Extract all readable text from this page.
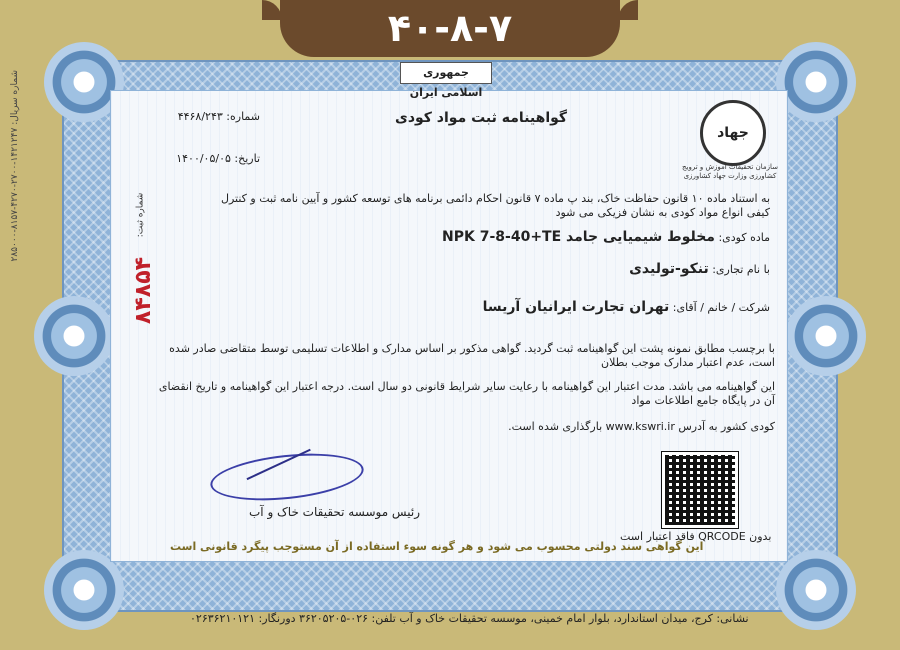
۴۰-۸-۷
شماره سریال: ۱۴۲۱۲۴۷-۲۷۰۰-۴۲۷۰-۸۱۵۷-۲۸۵۰۰۰	جمهوری اسلامی ایران
گواهینامه ثبت مواد کودی
جهاد
سازمان تحقیقات آموزش و ترویج کشاورزی وزارت جهاد کشاورزی
شماره: ۴۴۶۸/۲۴۳
تاریخ: ۱۴۰۰/۰۵/۰۵
به استناد ماده ۱۰ قانون حفاظت خاک، بند پ ماده ۷ قانون احکام دائمی برنامه های توسعه کشور و آیین نامه ثبت و کنترل کیفی انواع مواد کودی به نشان فزیکی می شود
ماده کودی: مخلوط شیمیایی جامد NPK 7-8-40+TE
با نام تجاری: تنکو-تولیدی
شرکت / خانم / آقای: تهران تجارت ایرانیان آریسا
با برچسب مطابق نمونه پشت این گواهینامه ثبت گردید. گواهی مذکور بر اساس مدارک و اطلاعات تسلیمی توسط متقاضی صادر شده است، عدم اعتبار مدارک موجب بطلان
این گواهینامه می باشد. مدت اعتبار این گواهینامه با رعایت سایر شرایط قانونی دو سال است. درجه اعتبار این گواهینامه و تاریخ انقضای آن در پایگاه جامع اطلاعات مواد
کودی کشور به آدرس www.kswri.ir بارگذاری شده است.
شماره ثبت:
۸۴۸۵۴
رئیس موسسه تحقیقات خاک و آب
بدون QRCODE فاقد اعتبار است
این گواهی سند دولتی محسوب می شود و هر گونه سوء استفاده از آن مستوجب پیگرد قانونی است
نشانی: کرج، میدان استاندارد، بلوار امام خمینی، موسسه تحقیقات خاک و آب تلفن: ۰۲۶-۳۶۲۰۵۲۰۵ دورنگار: ۰۲۶۳۶۲۱۰۱۲۱
